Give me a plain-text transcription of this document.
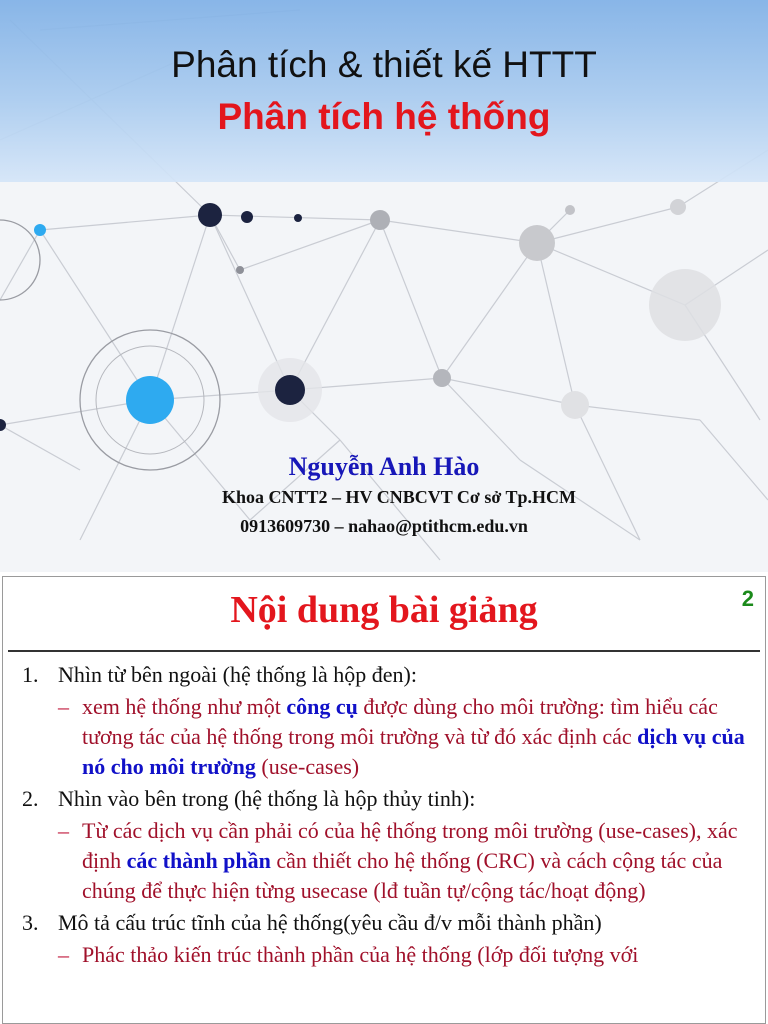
Phân tích & thiết kế HTTT
Phân tích hệ thống
Nguyễn Anh Hào
Khoa CNTT2 – HV CNBCVT Cơ sở Tp.HCM
0913609730 – nahao@ptithcm.edu.vn
Nội dung bài giảng	2
1. Nhìn từ bên ngoài (hệ thống là hộp đen):
– xem hệ thống như một công cụ được dùng cho môi trường: tìm hiểu các tương tác của hệ thống trong môi trường và từ đó xác định các dịch vụ của nó cho môi trường (use-cases)
2. Nhìn vào bên trong (hệ thống là hộp thủy tinh):
– Từ các dịch vụ cần phải có của hệ thống trong môi trường (use-cases), xác định các thành phần cần thiết cho hệ thống (CRC) và cách cộng tác của chúng để thực hiện từng usecase (lđ tuần tự/cộng tác/hoạt động)
3. Mô tả cấu trúc tĩnh của hệ thống(yêu cầu đ/v mỗi thành phần)
– Phác thảo kiến trúc thành phần của hệ thống (lớp đối tượng với
